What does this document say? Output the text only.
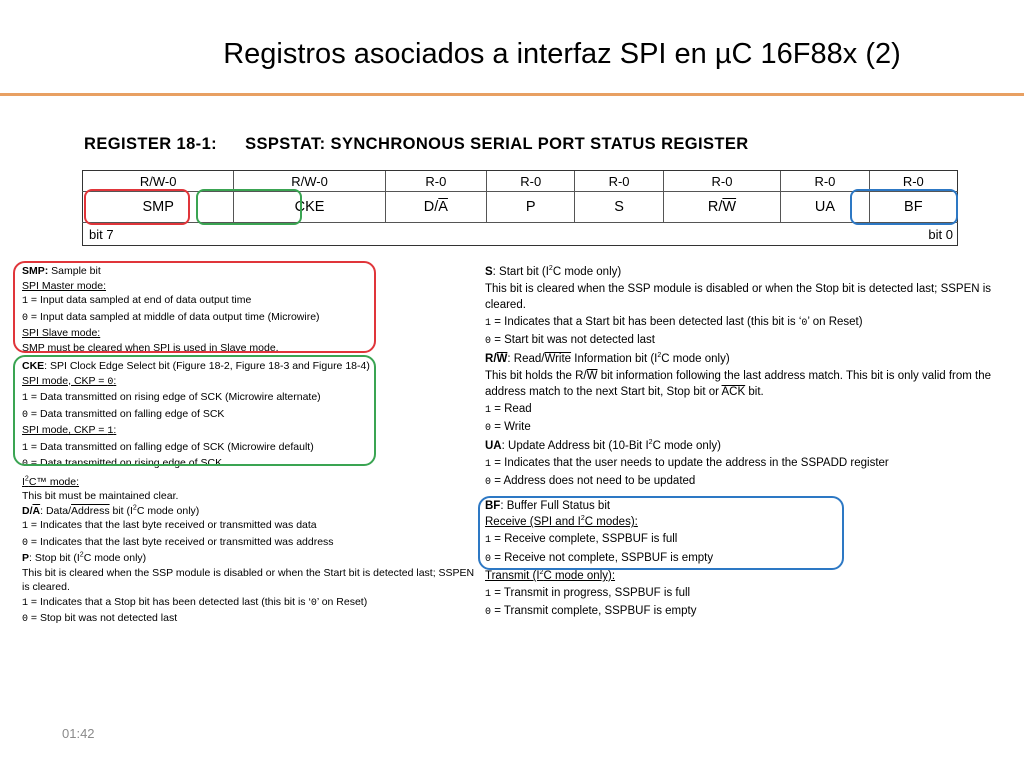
Registros asociados a interfaz SPI en µC 16F88x (2)
REGISTER 18-1: SSPSTAT: SYNCHRONOUS SERIAL PORT STATUS REGISTER
R/W-0	R/W-0	R-0	R-0	R-0	R-0	R-0	R-0
SMP	CKE	$D/\overline{A}$	P	S	$R/\overline{W}$	UA	BF

bit 7 bit 0							

SMP: Sample bit

SPI Master mode:

1 = Input data sampled at end of data output time

0 = Input data sampled at middle of data output time (Microwire)

SPI Slave mode:

SMP must be cleared when SPI is used in Slave mode.

CKE: SPI Clock Edge Select bit (Figure 18-2, Figure 18-3 and Figure 18-4)

SPI mode, CKP = 0:

1 = Data transmitted on rising edge of SCK (Microwire alternate)

0 = Data transmitted on falling edge of SCK

SPI mode, CKP = 1:

1 = Data transmitted on falling edge of SCK (Microwire default)

0 = Data transmitted on rising edge of SCK

$I^2C™$ mode:

This bit must be maintained clear.

$D/\overline{A}$: Data/Address bit ($I^2C$ mode only)

1 = Indicates that the last byte received or transmitted was data

0 = Indicates that the last byte received or transmitted was address

P: Stop bit ($I^2C$ mode only)

This bit is cleared when the SSP module is disabled or when the Start bit is detected last; SSPEN is cleared.

1 = Indicates that a Stop bit has been detected last (this bit is ‘0’ on Reset)

0 = Stop bit was not detected last

S: Start bit ($I^2C$ mode only)

This bit is cleared when the SSP module is disabled or when the Stop bit is detected last; SSPEN is cleared.

1 = Indicates that a Start bit has been detected last (this bit is ‘0’ on Reset)

0 = Start bit was not detected last

$R/\overline{W}$: Read/Write Information bit ($I^2C$ mode only)

This bit holds the $R/\overline{W}$ bit information following the last address match. This bit is only valid from the address match to the next Start bit, Stop bit or $\overline{ACK}$ bit.

1 = Read

0 = Write

UA: Update Address bit (10-Bit $I^2C$ mode only)

1 = Indicates that the user needs to update the address in the SSPADD register

0 = Address does not need to be updated

BF: Buffer Full Status bit

Receive (SPI and $I^2C$ modes):

1 = Receive complete, SSPBUF is full

0 = Receive not complete, SSPBUF is empty

Transmit ($I^2C$ mode only):

1 = Transmit in progress, SSPBUF is full

0 = Transmit complete, SSPBUF is empty

01:42
